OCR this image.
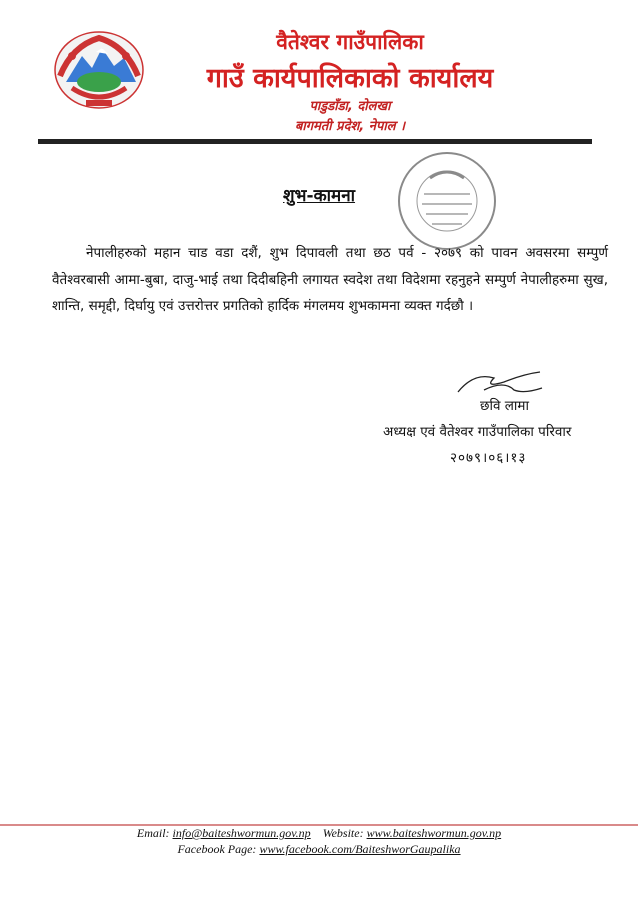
वैतेश्वर गाउँपालिका
गाउँ कार्यपालिकाको कार्यालय
पाडुडाँडा, दोलखा
बागमती प्रदेश, नेपाल ।
शुभ-कामना
नेपालीहरुको महान चाड वडा दशैं, शुभ दिपावली तथा छठ पर्व - २०७९ को पावन अवसरमा सम्पुर्ण वैतेश्वरबासी आमा-बुबा, दाजु-भाई तथा दिदीबहिनी लगायत स्वदेश तथा विदेशमा रहनुहने सम्पुर्ण नेपालीहरुमा सुख, शान्ति, समृद्दी, दिर्घायु एवं उत्तरोत्तर प्रगतिको हार्दिक मंगलमय शुभकामना व्यक्त गर्दछौ ।
छवि लामा
अध्यक्ष एवं वैतेश्वर गाउँपालिका परिवार
२०७९।०६।१३
Email: info@baiteshwormun.gov.np Website: www.baiteshwormun.gov.np
Facebook Page: www.facebook.com/BaiteshworGaupalika
